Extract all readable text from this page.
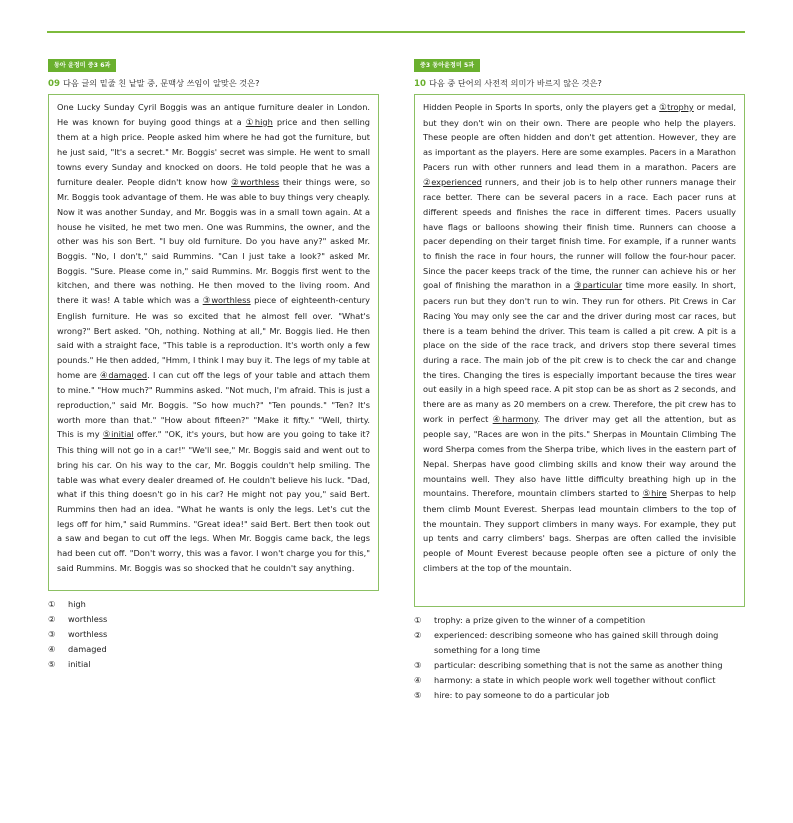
동아 윤정미 중3 6과
09 다음 글의 밑줄 친 낱말 중, 문맥상 쓰임이 알맞은 것은?
One Lucky Sunday Cyril Boggis was an antique furniture dealer in London. He was known for buying good things at a ①high price and then selling them at a high price. People asked him where he had got the furniture, but he just said, "It's a secret." Mr. Boggis' secret was simple. He went to small towns every Sunday and knocked on doors. He told people that he was a furniture dealer. People didn't know how ②worthless their things were, so Mr. Boggis took advantage of them. He was able to buy things very cheaply. Now it was another Sunday, and Mr. Boggis was in a small town again. At a house he visited, he met two men. One was Rummins, the owner, and the other was his son Bert. "I buy old furniture. Do you have any?" asked Mr. Boggis. "No, I don't," said Rummins. "Can I just take a look?" asked Mr. Boggis. "Sure. Please come in," said Rummins. Mr. Boggis first went to the kitchen, and there was nothing. He then moved to the living room. And there it was! A table which was a ③worthless piece of eighteenth-century English furniture. He was so excited that he almost fell over. "What's wrong?" Bert asked. "Oh, nothing. Nothing at all," Mr. Boggis lied. He then said with a straight face, "This table is a reproduction. It's worth only a few pounds." He then added, "Hmm, I think I may buy it. The legs of my table at home are ④damaged. I can cut off the legs of your table and attach them to mine." "How much?" Rummins asked. "Not much, I'm afraid. This is just a reproduction," said Mr. Boggis. "So how much?" "Ten pounds." "Ten? It's worth more than that." "How about fifteen?" "Make it fifty." "Well, thirty. This is my ⑤initial offer." "OK, it's yours, but how are you going to take it? This thing will not go in a car!" "We'll see," Mr. Boggis said and went out to bring his car. On his way to the car, Mr. Boggis couldn't help smiling. The table was what every dealer dreamed of. He couldn't believe his luck. "Dad, what if this thing doesn't go in his car? He might not pay you," said Bert. Rummins then had an idea. "What he wants is only the legs. Let's cut the legs off for him," said Rummins. "Great idea!" said Bert. Bert then took out a saw and began to cut off the legs. When Mr. Boggis came back, the legs had been cut off. "Don't worry, this was a favor. I won't charge you for this," said Rummins. Mr. Boggis was so shocked that he couldn't say anything.
①	high
②	worthless
③	worthless
④	damaged
⑤	initial
중3 동아윤정미 5과
10 다음 중 단어의 사전적 의미가 바르지 않은 것은?
Hidden People in Sports In sports, only the players get a ①trophy or medal, but they don't win on their own. There are people who help the players. These people are often hidden and don't get attention. However, they are as important as the players. Here are some examples. Pacers in a Marathon Pacers run with other runners and lead them in a marathon. Pacers are ②experienced runners, and their job is to help other runners manage their race better. There can be several pacers in a race. Each pacer runs at different speeds and finishes the race in different times. Pacers usually have flags or balloons showing their finish time. Runners can choose a pacer depending on their target finish time. For example, if a runner wants to finish the race in four hours, the runner will follow the four-hour pacer. Since the pacer keeps track of the time, the runner can achieve his or her goal of finishing the marathon in a ③particular time more easily. In short, pacers run but they don't run to win. They run for others. Pit Crews in Car Racing You may only see the car and the driver during most car races, but there is a team behind the driver. This team is called a pit crew. A pit is a place on the side of the race track, and drivers stop there several times during a race. The main job of the pit crew is to check the car and change the tires. Changing the tires is especially important because the tires wear out easily in a high speed race. A pit stop can be as short as 2 seconds, and there are as many as 20 members on a crew. Therefore, the pit crew has to work in perfect ④harmony. The driver may get all the attention, but as people say, "Races are won in the pits." Sherpas in Mountain Climbing The word Sherpa comes from the Sherpa tribe, which lives in the eastern part of Nepal. Sherpas have good climbing skills and know their way around the mountains well. They also have little difficulty breathing high up in the mountains. Therefore, mountain climbers started to ⑤hire Sherpas to help them climb Mount Everest. Sherpas lead mountain climbers to the top of the mountain. They support climbers in many ways. For example, they put up tents and carry climbers' bags. Sherpas are often called the invisible people of Mount Everest because people often see a picture of only the climbers at the top of the mountain.
①	trophy: a prize given to the winner of a competition
②	experienced: describing someone who has gained skill through doing something for a long time
③	particular: describing something that is not the same as another thing
④	harmony: a state in which people work well together without conflict
⑤	hire: to pay someone to do a particular job
